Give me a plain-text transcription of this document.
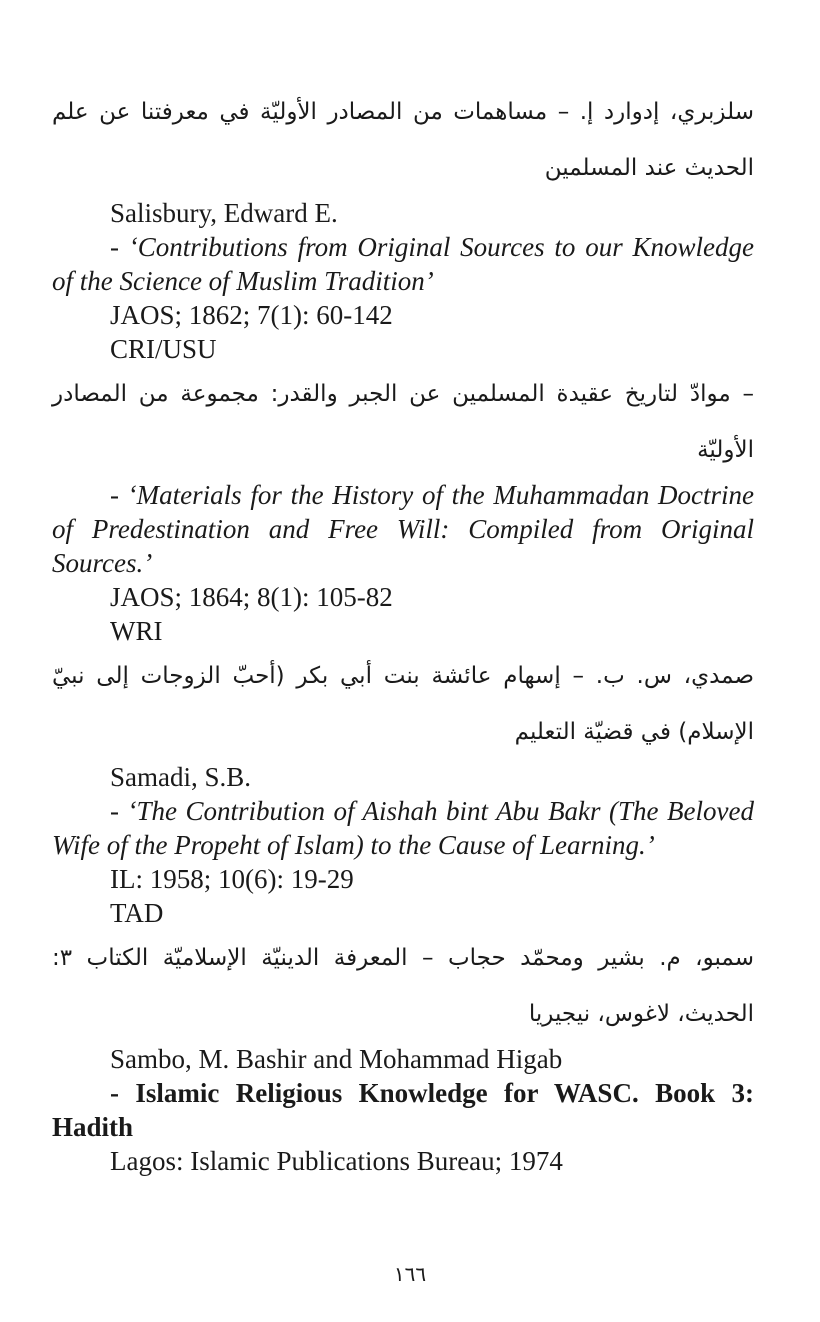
سلزبري، إدوارد إ. – مساهمات من المصادر الأوليّة في معرفتنا عن علم الحديث عند المسلمين

Salisbury, Edward E.

- ‘Contributions from Original Sources to our Knowledge of the Science of Muslim Tradition’

JAOS; 1862; 7(1): 60-142

CRI/USU

– موادّ لتاريخ عقيدة المسلمين عن الجبر والقدر: مجموعة من المصادر الأوليّة

- ‘Materials for the History of the Muhammadan Doctrine of Predestination and Free Will: Compiled from Original Sources.’

JAOS; 1864; 8(1): 105-82

WRI

صمدي، س. ب. – إسهام عائشة بنت أبي بكر (أحبّ الزوجات إلى نبيّ الإسلام) في قضيّة التعليم

Samadi, S.B.

- ‘The Contribution of Aishah bint Abu Bakr (The Beloved Wife of the Propeht of Islam) to the Cause of Learning.’

IL: 1958; 10(6): 19-29

TAD

سمبو، م. بشير ومحمّد حجاب – المعرفة الدينيّة الإسلاميّة الكتاب ٣: الحديث، لاغوس، نيجيريا

Sambo, M. Bashir and Mohammad Higab

- Islamic Religious Knowledge for WASC. Book 3: Hadith

Lagos: Islamic Publications Bureau; 1974

١٦٦
